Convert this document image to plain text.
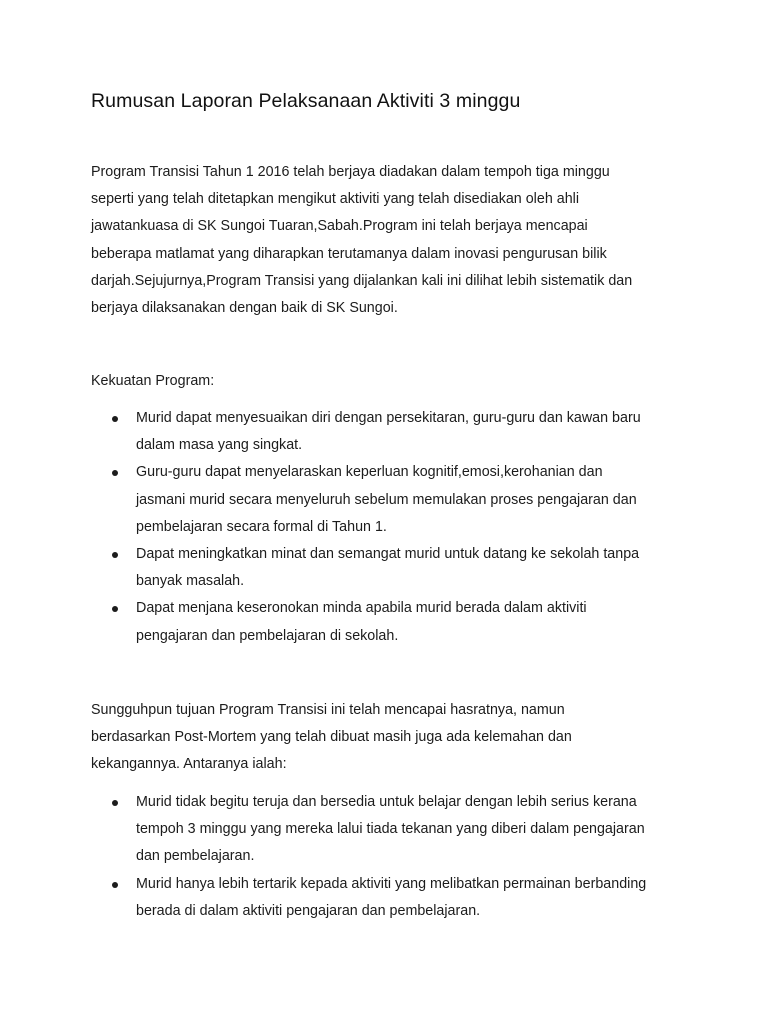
Rumusan Laporan Pelaksanaan Aktiviti 3 minggu

Program Transisi Tahun 1 2016 telah berjaya diadakan dalam tempoh tiga minggu
seperti yang telah ditetapkan mengikut aktiviti yang telah disediakan oleh ahli
jawatankuasa di SK Sungoi Tuaran,Sabah.Program ini telah berjaya mencapai
beberapa matlamat yang diharapkan terutamanya dalam inovasi pengurusan bilik
darjah.Sejujurnya,Program Transisi yang dijalankan kali ini dilihat lebih sistematik dan
berjaya dilaksanakan dengan baik di SK Sungoi.

Kekuatan Program:

Murid dapat menyesuaikan diri dengan persekitaran, guru-guru dan kawan baru
dalam masa yang singkat.
Guru-guru dapat menyelaraskan keperluan kognitif,emosi,kerohanian dan
jasmani murid secara menyeluruh sebelum memulakan proses pengajaran dan
pembelajaran secara formal di Tahun 1.
Dapat meningkatkan minat dan semangat murid untuk datang ke sekolah tanpa
banyak masalah.
Dapat menjana keseronokan minda apabila murid berada dalam aktiviti
pengajaran dan pembelajaran di sekolah.

Sungguhpun tujuan Program Transisi ini telah mencapai hasratnya, namun
berdasarkan Post-Mortem yang telah dibuat masih juga ada kelemahan dan
kekangannya. Antaranya ialah:

Murid tidak begitu teruja dan bersedia untuk belajar dengan lebih serius kerana
tempoh 3 minggu yang mereka lalui tiada tekanan yang diberi dalam pengajaran
dan pembelajaran.
Murid hanya lebih tertarik kepada aktiviti yang melibatkan permainan berbanding
berada di dalam aktiviti pengajaran dan pembelajaran.
